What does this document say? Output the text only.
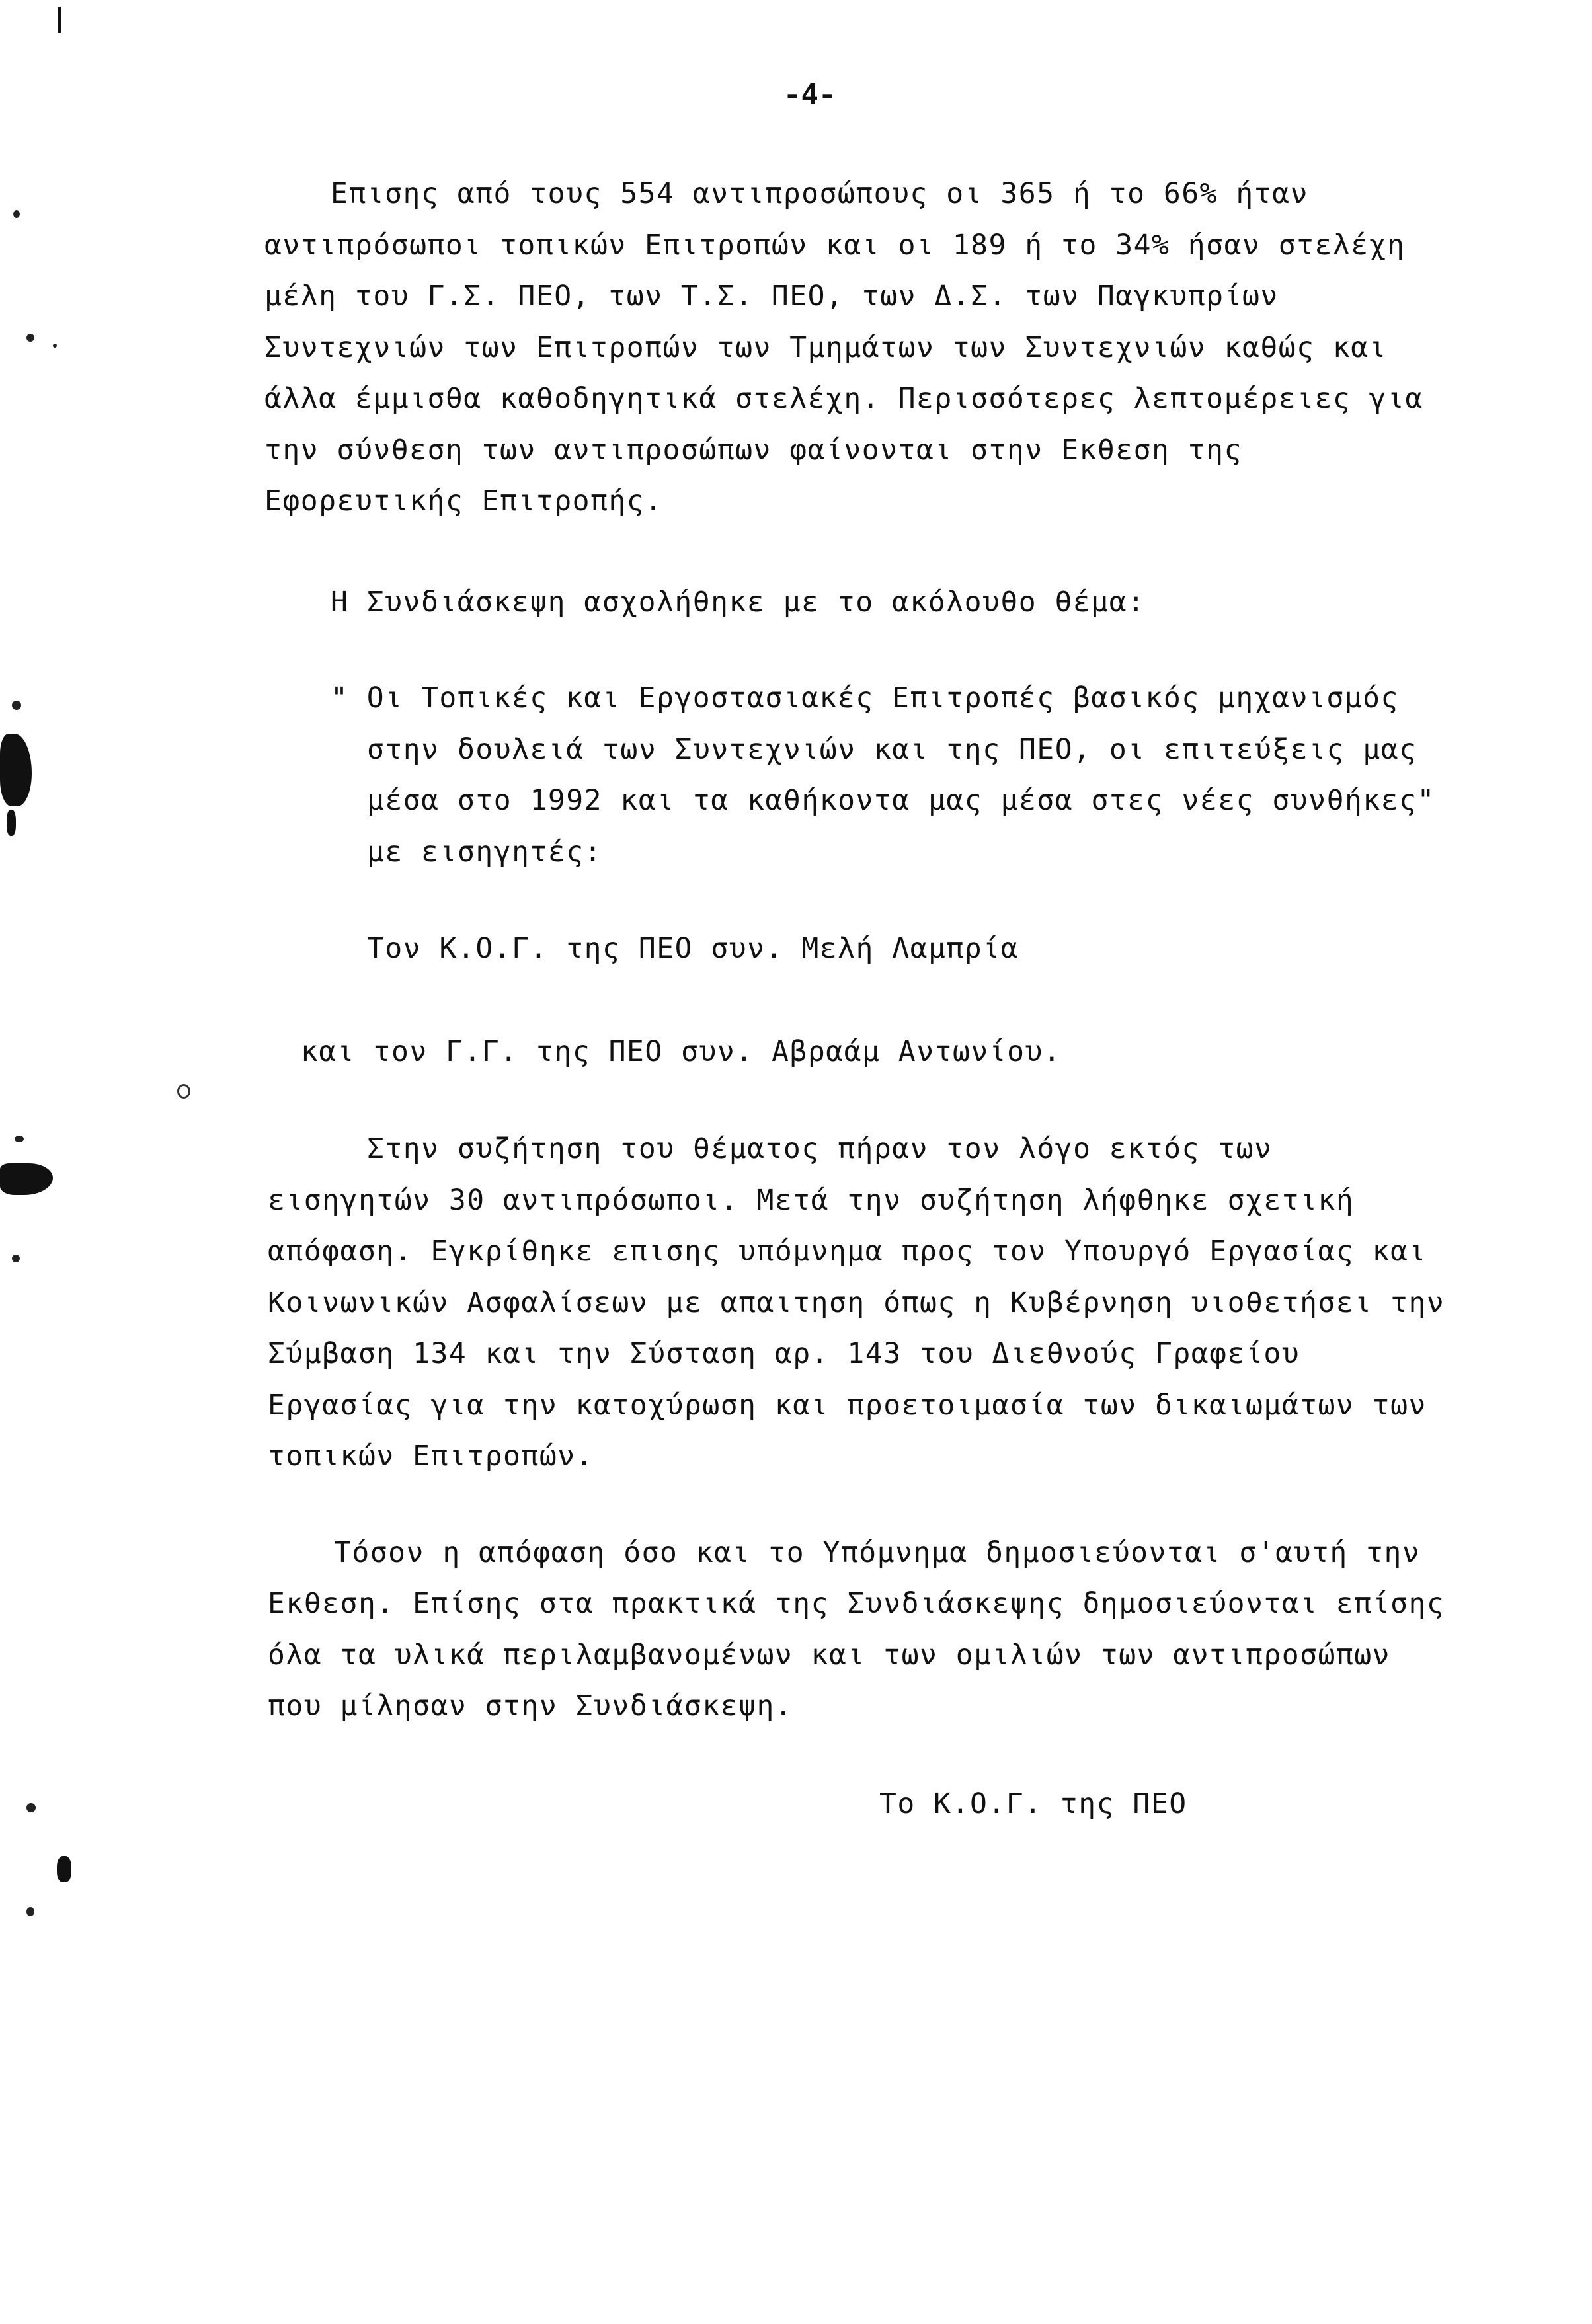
-4-
Επισης από τους 554 αντιπροσώπους οι 365 ή το 66% ήταν
αντιπρόσωποι τοπικών Επιτροπών και οι 189 ή το 34% ήσαν στελέχη
μέλη του Γ.Σ. ΠΕΟ, των Τ.Σ. ΠΕΟ, των Δ.Σ. των Παγκυπρίων
Συντεχνιών των Επιτροπών των Τμημάτων των Συντεχνιών καθώς και
άλλα έμμισθα καθοδηγητικά στελέχη. Περισσότερες λεπτομέρειες για
την σύνθεση των αντιπροσώπων φαίνονται στην Εκθεση της
Εφορευτικής Επιτροπής.
Η Συνδιάσκεψη ασχολήθηκε με το ακόλουθο θέμα:
" Οι Τοπικές και Εργοστασιακές Επιτροπές βασικός μηχανισμός
στην δουλειά των Συντεχνιών και της ΠΕΟ, οι επιτεύξεις μας
μέσα στο 1992 και τα καθήκοντα μας μέσα στες νέες συνθήκες"
με εισηγητές:
Τον Κ.Ο.Γ. της ΠΕΟ συν. Μελή Λαμπρία
και τον Γ.Γ. της ΠΕΟ συν. Αβραάμ Αντωνίου.
Στην συζήτηση του θέματος πήραν τον λόγο εκτός των
εισηγητών 30 αντιπρόσωποι. Μετά την συζήτηση λήφθηκε σχετική
απόφαση. Εγκρίθηκε επισης υπόμνημα προς τον Υπουργό Εργασίας και
Κοινωνικών Ασφαλίσεων με απαιτηση όπως η Κυβέρνηση υιοθετήσει την
Σύμβαση 134 και την Σύσταση αρ. 143 του Διεθνούς Γραφείου
Εργασίας για την κατοχύρωση και προετοιμασία των δικαιωμάτων των
τοπικών Επιτροπών.
Τόσον η απόφαση όσο και το Υπόμνημα δημοσιεύονται σ'αυτή την
Εκθεση. Επίσης στα πρακτικά της Συνδιάσκεψης δημοσιεύονται επίσης
όλα τα υλικά περιλαμβανομένων και των ομιλιών των αντιπροσώπων
που μίλησαν στην Συνδιάσκεψη.
Το Κ.Ο.Γ. της ΠΕΟ
